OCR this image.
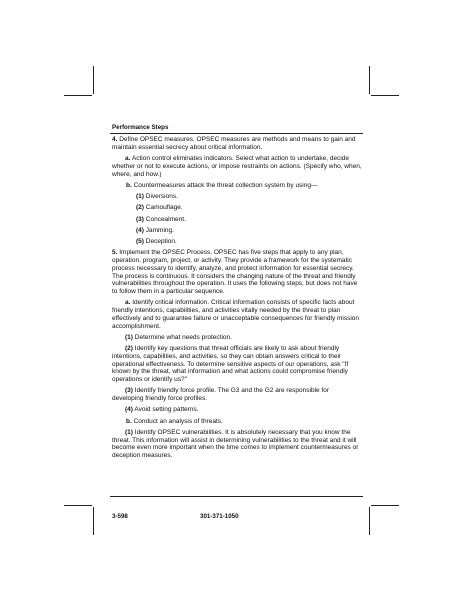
Performance Steps

4. Define OPSEC measures. OPSEC measures are methods and means to gain and maintain essential secrecy about critical information.

a. Action control eliminates indicators. Select what action to undertake, decide whether or not to execute actions, or impose restraints on actions. (Specify who, when, where, and how.)

b. Countermeasures attack the threat collection system by using—

(1) Diversions.

(2) Camouflage.

(3) Concealment.

(4) Jamming.

(5) Deception.

5. Implement the OPSEC Process. OPSEC has five steps that apply to any plan, operation, program, project, or activity. They provide a framework for the systematic process necessary to identify, analyze, and protect information for essential secrecy. The process is continuous. It considers the changing nature of the threat and friendly vulnerabilities throughout the operation. It uses the following steps, but does not have to follow them in a particular sequence.

a. Identify critical information. Critical information consists of specific facts about friendly intentions, capabilities, and activities vitally needed by the threat to plan effectively and to guarantee failure or unacceptable consequences for friendly mission accomplishment.

(1) Determine what needs protection.

(2) Identify key questions that threat officials are likely to ask about friendly intentions, capabilities, and activities, so they can obtain answers critical to their operational effectiveness. To determine sensitive aspects of our operations, ask "If known by the threat, what information and what actions could compromise friendly operations or identify us?"

(3) Identify friendly force profile. The G3 and the G2 are responsible for developing friendly force profiles.

(4) Avoid setting patterns.

b. Conduct an analysis of threats.

(1) Identify OPSEC vulnerabilities. It is absolutely necessary that you know the threat. This information will assist in determining vulnerabilities to the threat and it will become even more important when the time comes to implement countermeasures or deception measures.

3-598	301-371-1050
